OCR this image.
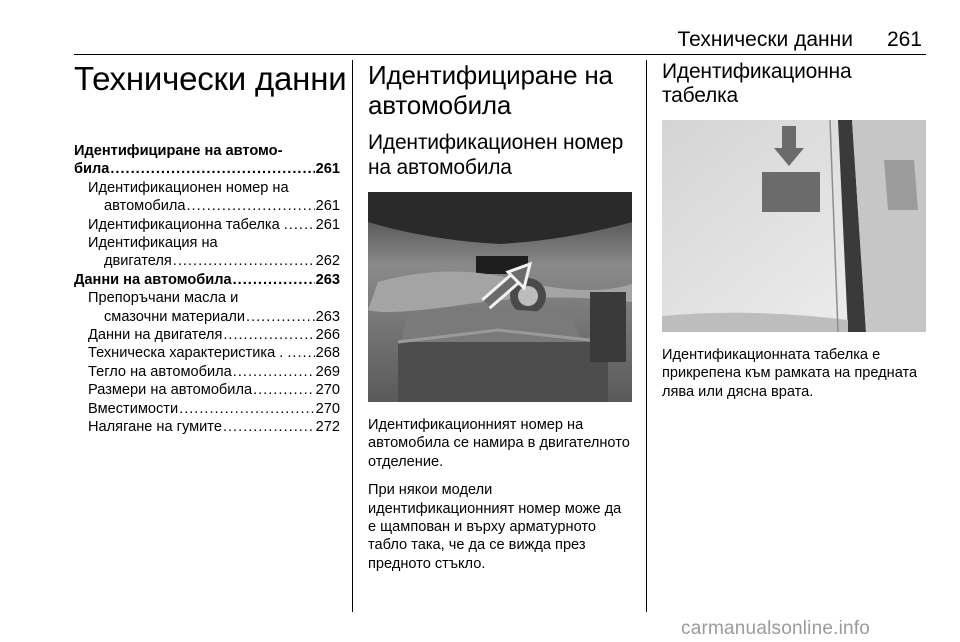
Технически данни 261
Технически данни
Идентифициране на автомо-
била .....	261
Идентификационен номер на
автомобила .....	261
Идентификационна табелка . ..... 261
Идентификация на
двигателя .....	262
Данни на автомобила .....	263
Препоръчани масла и
смазочни материали .....	263
Данни на двигателя .....	266
Техническа характеристика . . ..... 268
Тегло на автомобила .....	269
Размери на автомобила .....	270
Вместимости .....	270
Налягане на гумите .....	272
Идентифициране на автомобила
Идентификационен номер на автомобила

Идентификационният номер на автомобила се намира в двигателното отделение.

При някои модели идентификационният номер може да е щампован и върху арматурното табло така, че да се вижда през предното стъкло.

Идентификационна табелка

Идентификационната табелка е прикрепена към рамката на предната лява или дясна врата.

carmanualsonline.info
